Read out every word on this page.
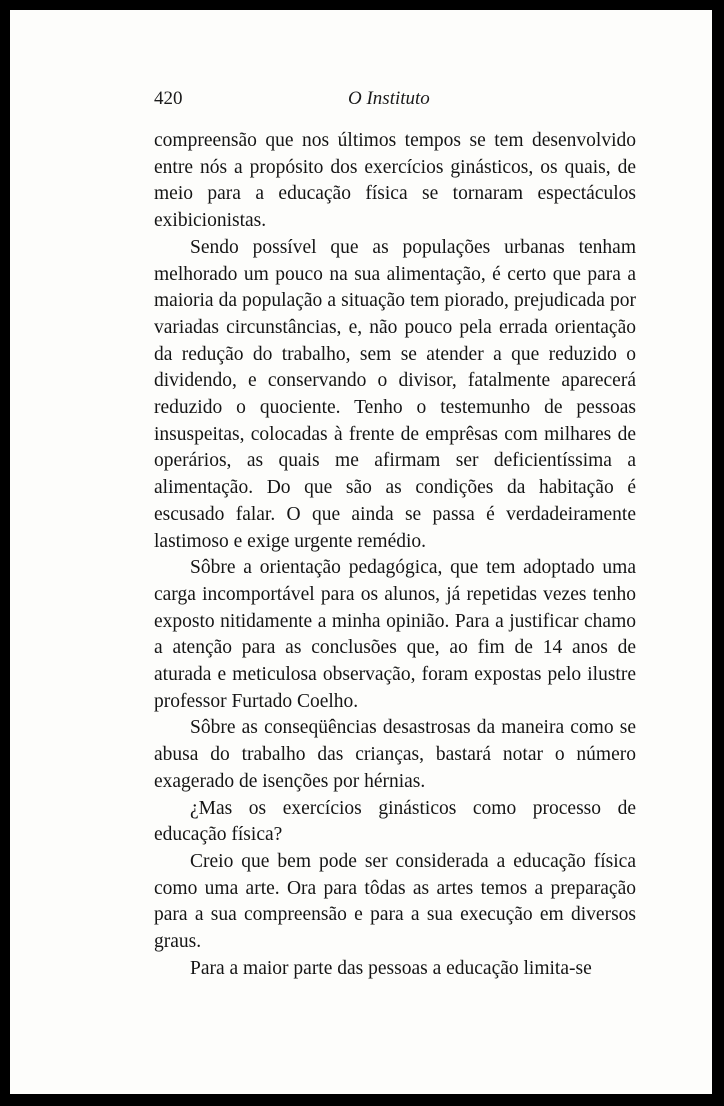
420	O Instituto

compreensão que nos últimos tempos se tem desenvolvido entre nós a propósito dos exercícios ginásticos, os quais, de meio para a educação física se tornaram espectáculos exibicionistas.

Sendo possível que as populações urbanas tenham melhorado um pouco na sua alimentação, é certo que para a maioria da população a situação tem piorado, prejudicada por variadas circunstâncias, e, não pouco pela errada orientação da redução do trabalho, sem se atender a que reduzido o dividendo, e conservando o divisor, fatalmente aparecerá reduzido o quociente. Tenho o testemunho de pessoas insuspeitas, colocadas à frente de emprêsas com milhares de operários, as quais me afirmam ser deficientíssima a alimentação. Do que são as condições da habitação é escusado falar. O que ainda se passa é verdadeiramente lastimoso e exige urgente remédio.

Sôbre a orientação pedagógica, que tem adoptado uma carga incomportável para os alunos, já repetidas vezes tenho exposto nitidamente a minha opinião. Para a justificar chamo a atenção para as conclusões que, ao fim de 14 anos de aturada e meticulosa observação, foram expostas pelo ilustre professor Furtado Coelho.

Sôbre as conseqüências desastrosas da maneira como se abusa do trabalho das crianças, bastará notar o número exagerado de isenções por hérnias.

¿Mas os exercícios ginásticos como processo de educação física?

Creio que bem pode ser considerada a educação física como uma arte. Ora para tôdas as artes temos a preparação para a sua compreensão e para a sua execução em diversos graus.

Para a maior parte das pessoas a educação limita-se
